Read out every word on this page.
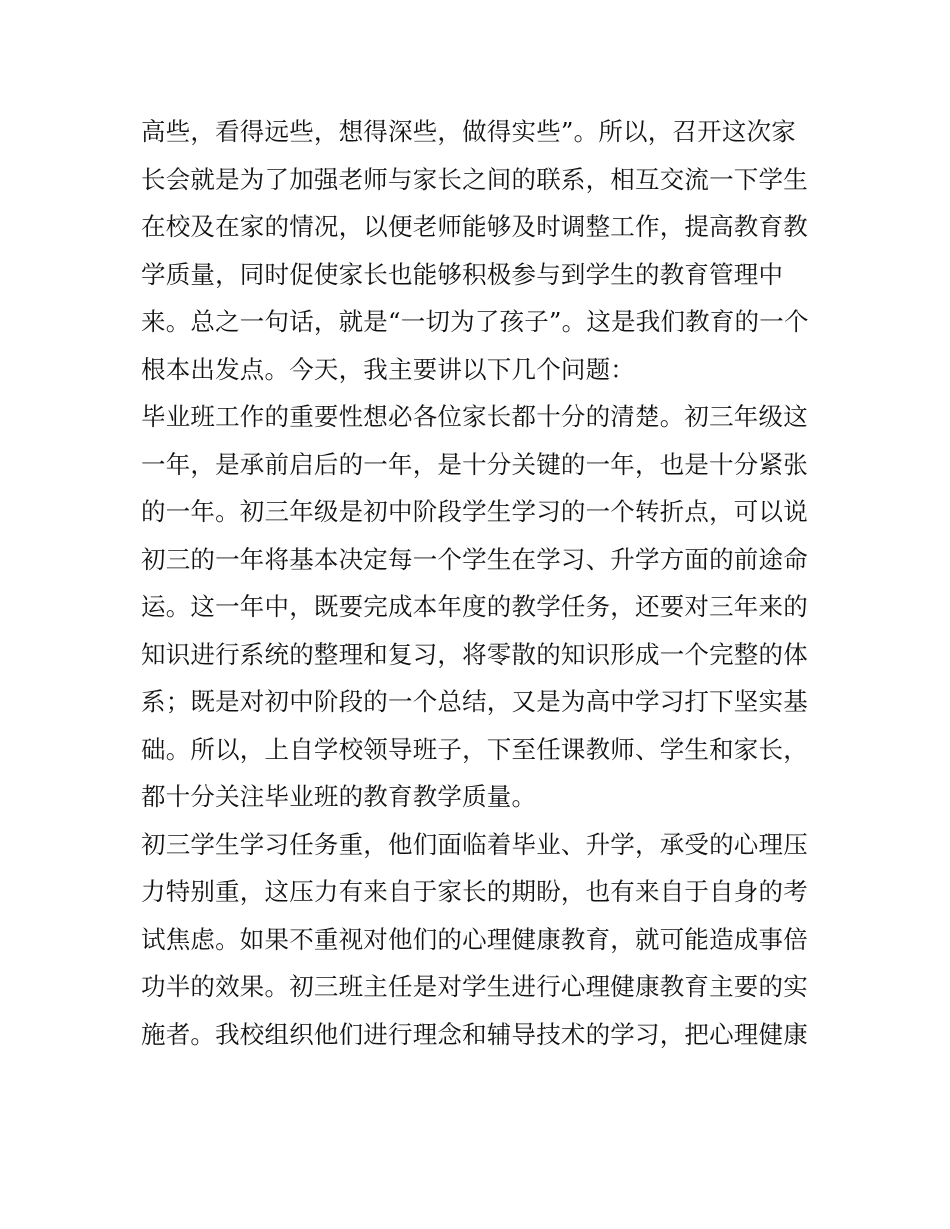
高些，看得远些，想得深些，做得实些”。所以，召开这次家
长会就是为了加强老师与家长之间的联系，相互交流一下学生
在校及在家的情况，以便老师能够及时调整工作，提高教育教
学质量，同时促使家长也能够积极参与到学生的教育管理中
来。总之一句话，就是“一切为了孩子”。这是我们教育的一个
根本出发点。今天，我主要讲以下几个问题：
毕业班工作的重要性想必各位家长都十分的清楚。初三年级这
一年，是承前启后的一年，是十分关键的一年，也是十分紧张
的一年。初三年级是初中阶段学生学习的一个转折点，可以说
初三的一年将基本决定每一个学生在学习、升学方面的前途命
运。这一年中，既要完成本年度的教学任务，还要对三年来的
知识进行系统的整理和复习，将零散的知识形成一个完整的体
系；既是对初中阶段的一个总结，又是为高中学习打下坚实基
础。所以，上自学校领导班子，下至任课教师、学生和家长，
都十分关注毕业班的教育教学质量。
初三学生学习任务重，他们面临着毕业、升学，承受的心理压
力特别重，这压力有来自于家长的期盼，也有来自于自身的考
试焦虑。如果不重视对他们的心理健康教育，就可能造成事倍
功半的效果。初三班主任是对学生进行心理健康教育主要的实
施者。我校组织他们进行理念和辅导技术的学习，把心理健康
